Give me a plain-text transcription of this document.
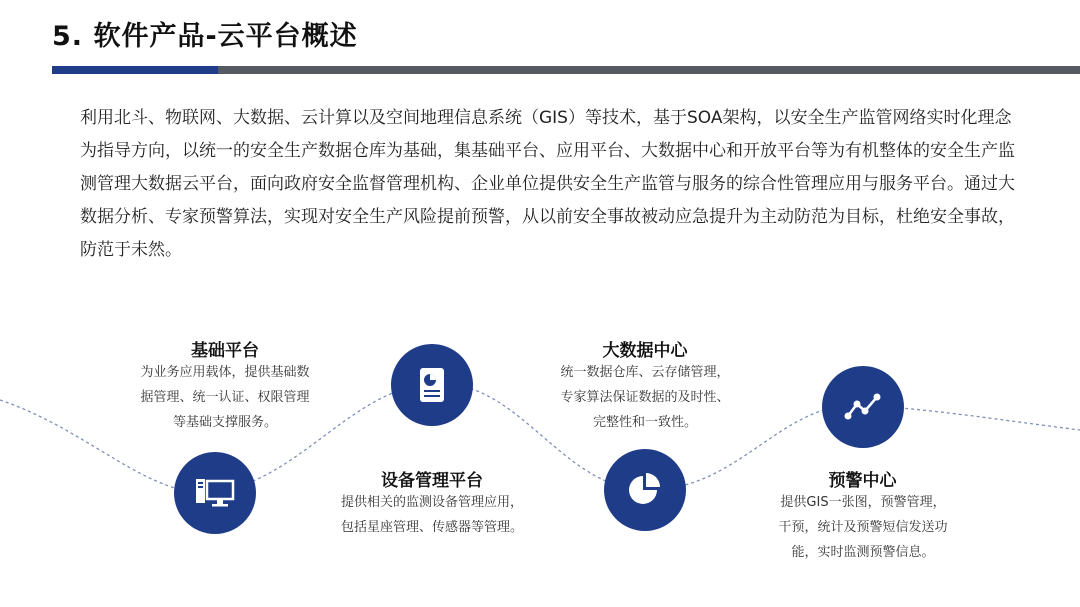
5. 软件产品-云平台概述
利用北斗、物联网、大数据、云计算以及空间地理信息系统（GIS）等技术，基于SOA架构，以安全生产监管网络实时化理念为指导方向，以统一的安全生产数据仓库为基础，集基础平台、应用平台、大数据中心和开放平台等为有机整体的安全生产监测管理大数据云平台，面向政府安全监督管理机构、企业单位提供安全生产监管与服务的综合性管理应用与服务平台。通过大数据分析、专家预警算法，实现对安全生产风险提前预警，从以前安全事故被动应急提升为主动防范为目标，杜绝安全事故，防范于未然。
基础平台
为业务应用载体，提供基础数
据管理、统一认证、权限管理
等基础支撑服务。
设备管理平台
提供相关的监测设备管理应用，
包括星座管理、传感器等管理。
大数据中心
统一数据仓库、云存储管理，
专家算法保证数据的及时性、
完整性和一致性。
预警中心
提供GIS一张图，预警管理，
干预，统计及预警短信发送功
能，实时监测预警信息。
